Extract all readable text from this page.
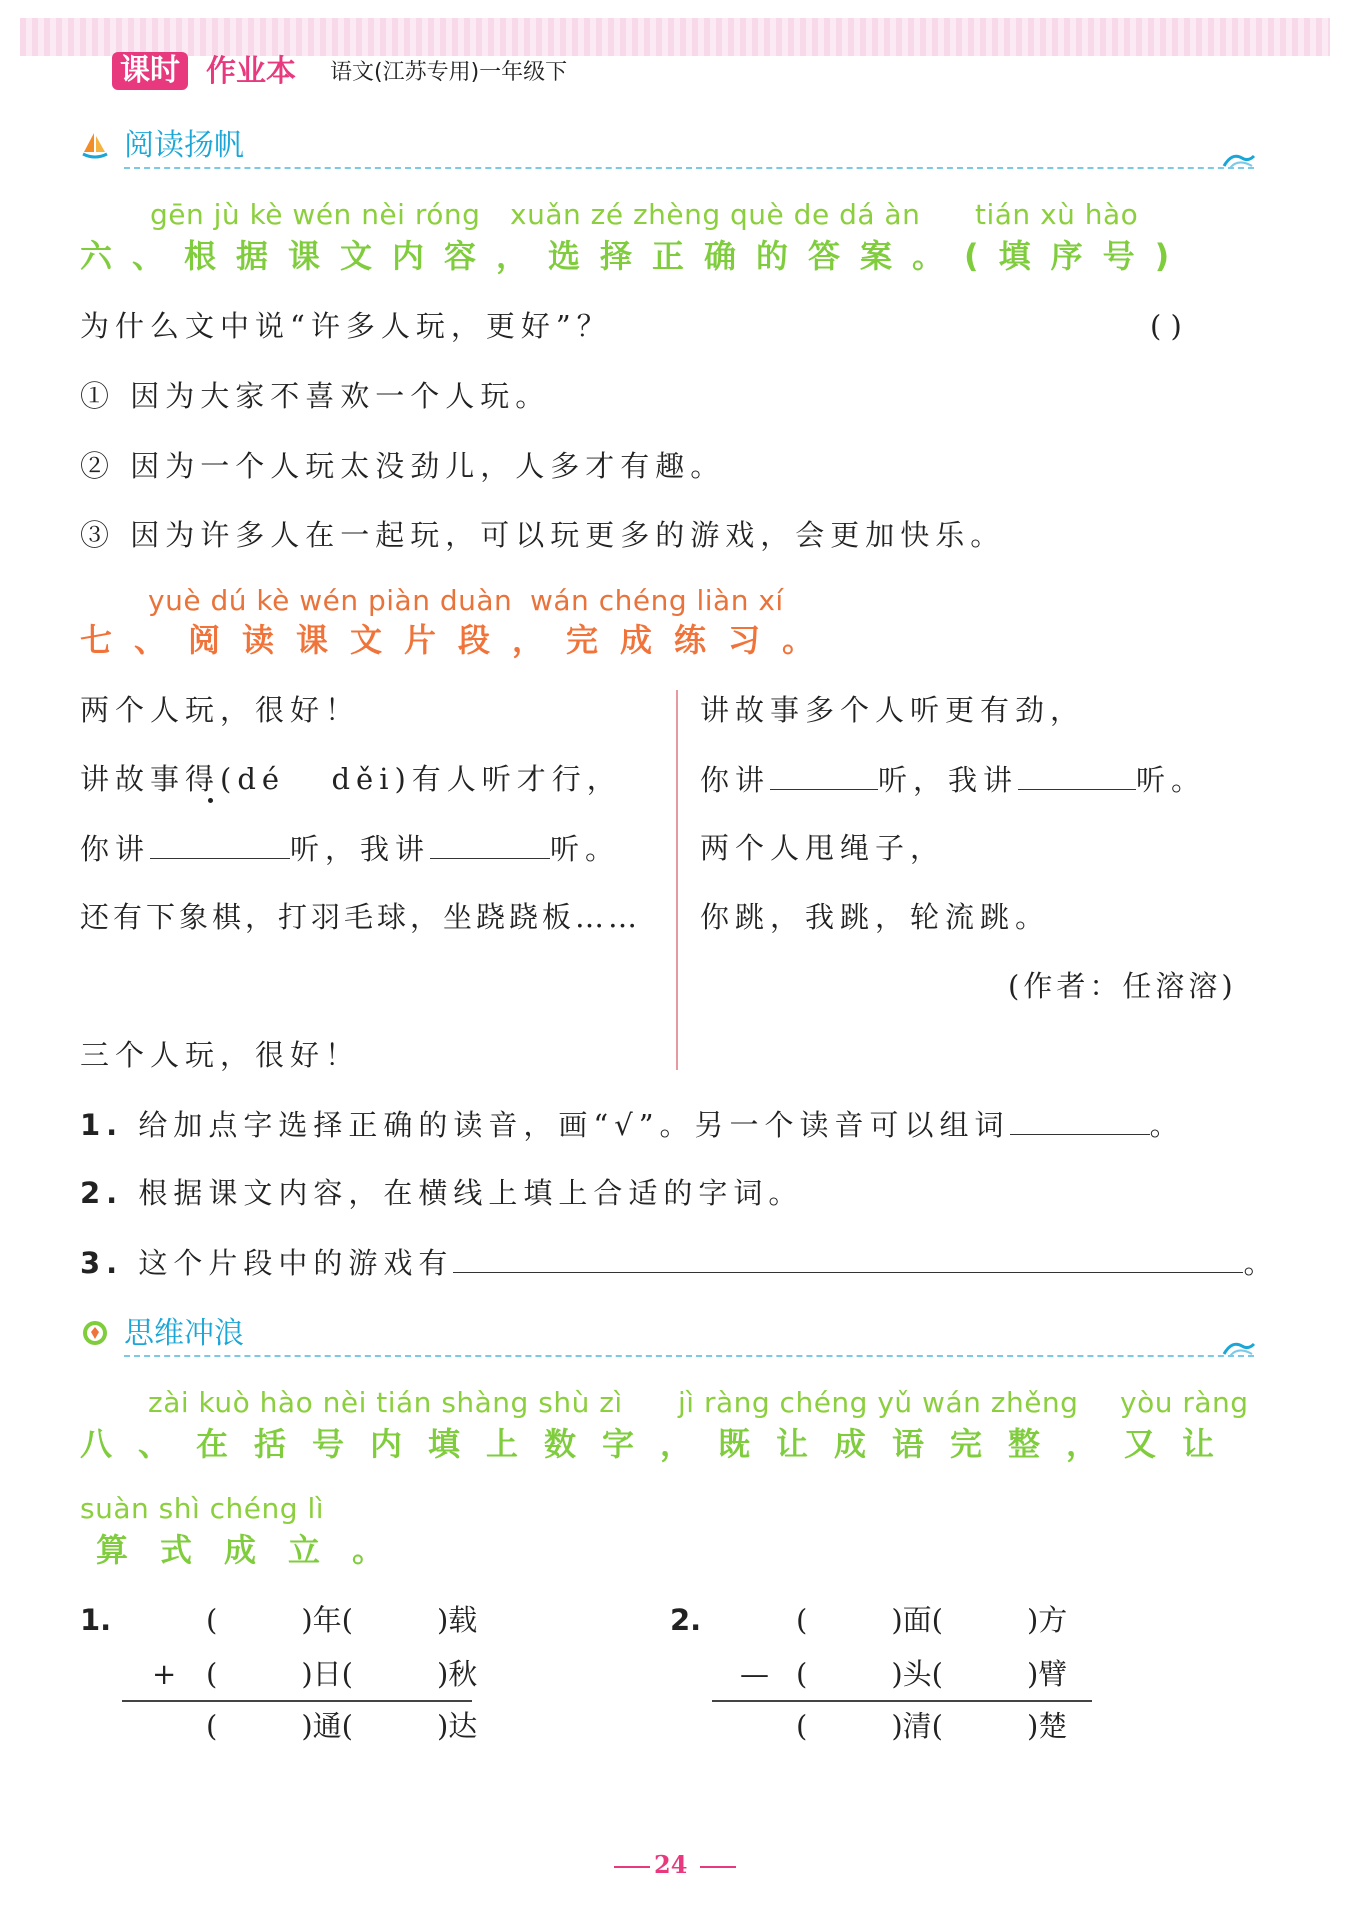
课时 作业本 语文(江苏专用)一年级下
阅读扬帆
gēn jù kè wén nèi róng xuǎn zé zhèng què de dá àn tián xù hào
六、根据课文内容，选择正确的答案。(填序号)
为什么文中说“许多人玩，更好”？	( )
① 因为大家不喜欢一个人玩。
② 因为一个人玩太没劲儿，人多才有趣。
③ 因为许多人在一起玩，可以玩更多的游戏，会更加快乐。
yuè dú kè wén piàn duàn wán chéng liàn xí
七、阅读课文片段，完成练习。
两个人玩，很好！
讲故事得(dé děi)有人听才行，
你讲	听，我讲	听。
还有下象棋，打羽毛球，坐跷跷板……
三个人玩，很好！
讲故事多个人听更有劲，
你讲	听，我讲	听。
两个人甩绳子，
你跳，我跳，轮流跳。
(作者：任溶溶)
1. 给加点字选择正确的读音，画“√”。另一个读音可以组词	。
2. 根据课文内容，在横线上填上合适的字词。
3. 这个片段中的游戏有	。
思维冲浪
zài kuò hào nèi tián shàng shù zì jì ràng chéng yǔ wán zhěng yòu ràng
八、在括号内填上数字，既让成语完整，又让
suàn shì chéng lì
算式成立。
1.	(	)年(	)载
+	(	)日(	)秋
(	)通(	)达
2.	(	)面(	)方
— (	)头(	)臂
(	)清(	)楚
24
